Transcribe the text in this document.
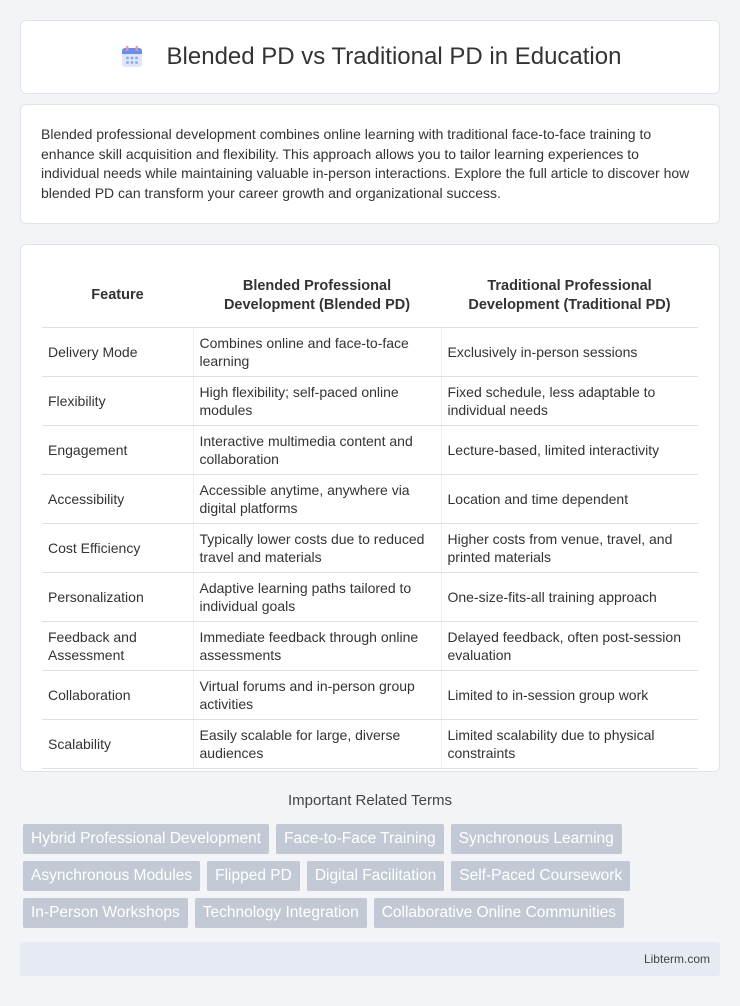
Blended PD vs Traditional PD in Education

Blended professional development combines online learning with traditional face-to-face training to enhance skill acquisition and flexibility. This approach allows you to tailor learning experiences to individual needs while maintaining valuable in-person interactions. Explore the full article to discover how blended PD can transform your career growth and organizational success.

Feature	Blended Professional Development (Blended PD)	Traditional Professional Development (Traditional PD)
Delivery Mode	Combines online and face-to-face learning	Exclusively in-person sessions
Flexibility	High flexibility; self-paced online modules	Fixed schedule, less adaptable to individual needs
Engagement	Interactive multimedia content and collaboration	Lecture-based, limited interactivity
Accessibility	Accessible anytime, anywhere via digital platforms	Location and time dependent
Cost Efficiency	Typically lower costs due to reduced travel and materials	Higher costs from venue, travel, and printed materials
Personalization	Adaptive learning paths tailored to individual goals	One-size-fits-all training approach
Feedback and Assessment	Immediate feedback through online assessments	Delayed feedback, often post-session evaluation
Collaboration	Virtual forums and in-person group activities	Limited to in-session group work
Scalability	Easily scalable for large, diverse audiences	Limited scalability due to physical constraints
Important Related Terms
Hybrid Professional Development	Face-to-Face Training	Synchronous Learning
Asynchronous Modules	Flipped PD	Digital Facilitation	Self-Paced Coursework
In-Person Workshops	Technology Integration	Collaborative Online Communities
Libterm.com
